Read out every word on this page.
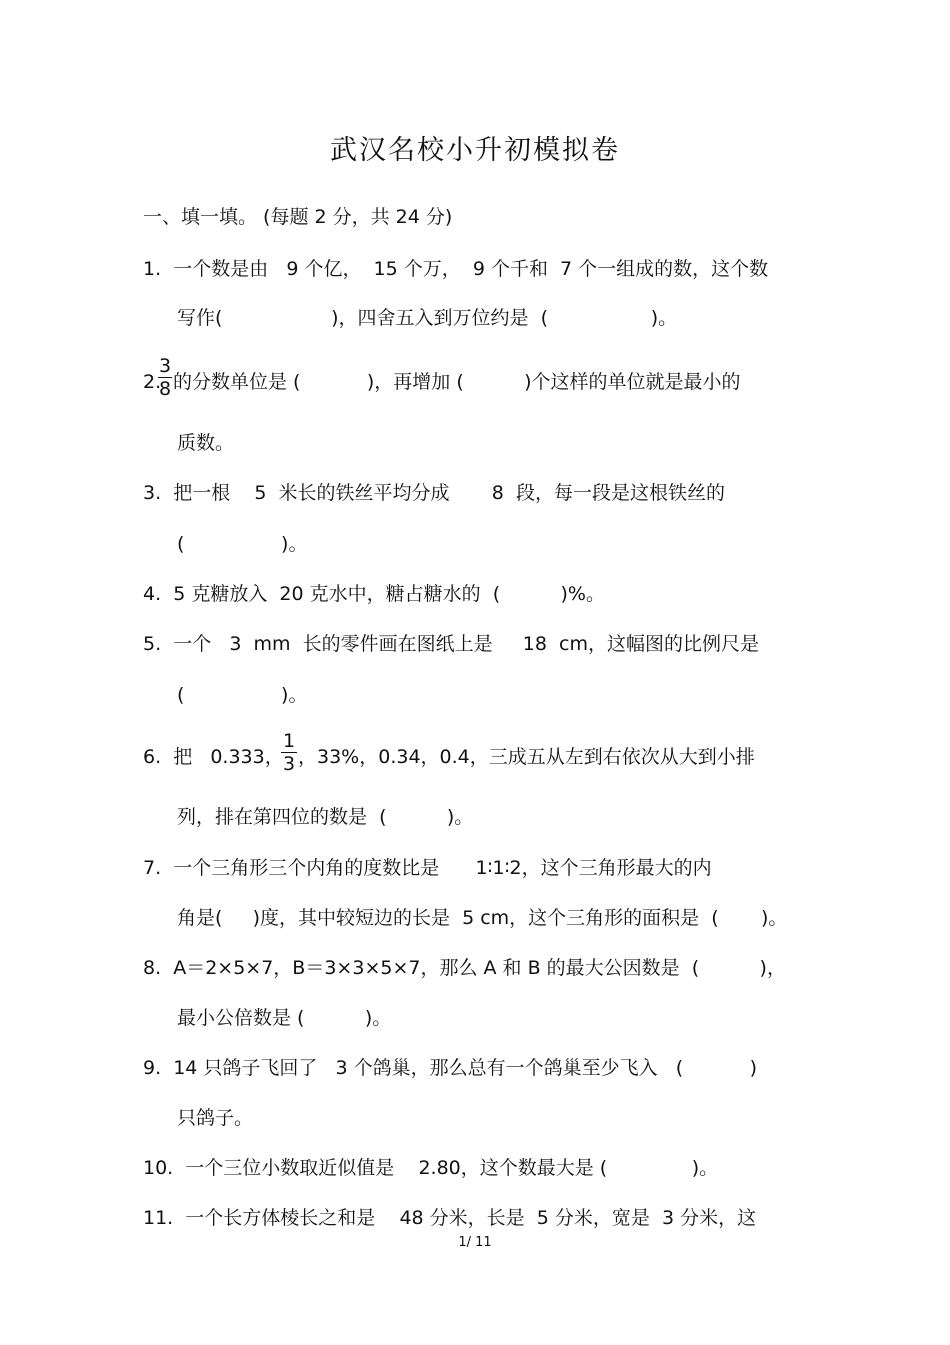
武汉名校小升初模拟卷
一、填一填。 (每题 2 分，共 24 分)
1.  一个数是由   9 个亿，  15 个万，  9 个千和  7 个一组成的数，这个数
写作(                  )，四舍五入到万位约是  (                 )。
2.
3
8 的分数单位是 (           )，再增加 (          )个这样的单位就是最小的
质数。
3.  把一根    5  米长的铁丝平均分成       8  段，每一段是这根铁丝的
(                )。
4.  5 克糖放入  20 克水中，糖占糖水的  (          )%。
5.  一个   3  mm  长的零件画在图纸上是     18  cm，这幅图的比例尺是
(                )。
6.  把   0.333，
1
3 ，33%，0.34，0.4，三成五从左到右依次从大到小排
列，排在第四位的数是  (          )。
7.  一个三角形三个内角的度数比是      1∶1∶2，这个三角形最大的内
角是(     )度，其中较短边的长是  5 cm，这个三角形的面积是  (       )。
8.  A＝2×5×7，B＝3×3×5×7，那么 A 和 B 的最大公因数是  (          )，
最小公倍数是 (          )。
9.  14 只鸽子飞回了   3 个鸽巢，那么总有一个鸽巢至少飞入   (           )
只鸽子。
10.  一个三位小数取近似值是    2.80，这个数最大是 (              )。
11.  一个长方体棱长之和是    48 分米，长是  5 分米，宽是  3 分米，这
1/ 11
